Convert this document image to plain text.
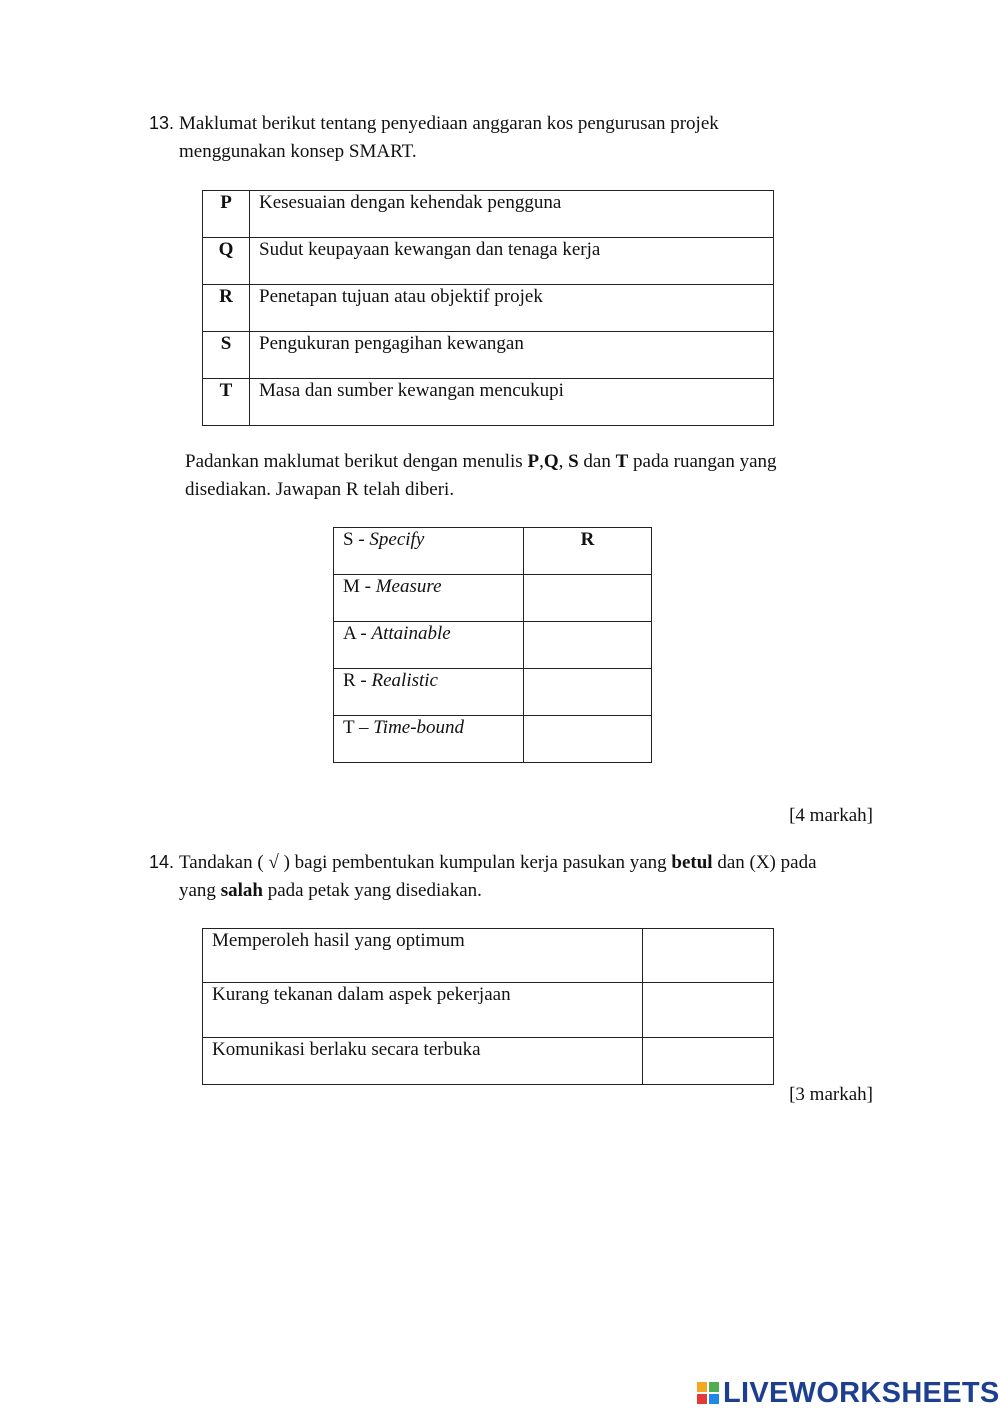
13. Maklumat berikut tentang penyediaan anggaran kos pengurusan projek
menggunakan konsep SMART.
P	Kesesuaian dengan kehendak pengguna
Q	Sudut keupayaan kewangan dan tenaga kerja
R	Penetapan tujuan atau objektif projek
S	Pengukuran pengagihan kewangan
T	Masa dan sumber kewangan mencukupi
Padankan maklumat berikut dengan menulis P,Q, S dan T pada ruangan yang
disediakan. Jawapan R telah diberi.
S - Specify	R
M - Measure	
A - Attainable	
R - Realistic	
T – Time-bound	
[4 markah]
14. Tandakan ( √ ) bagi pembentukan kumpulan kerja pasukan yang betul dan (X) pada
yang salah pada petak yang disediakan.
Memperoleh hasil yang optimum	
Kurang tekanan dalam aspek pekerjaan	
Komunikasi berlaku secara terbuka	
[3 markah]
LIVEWORKSHEETS
